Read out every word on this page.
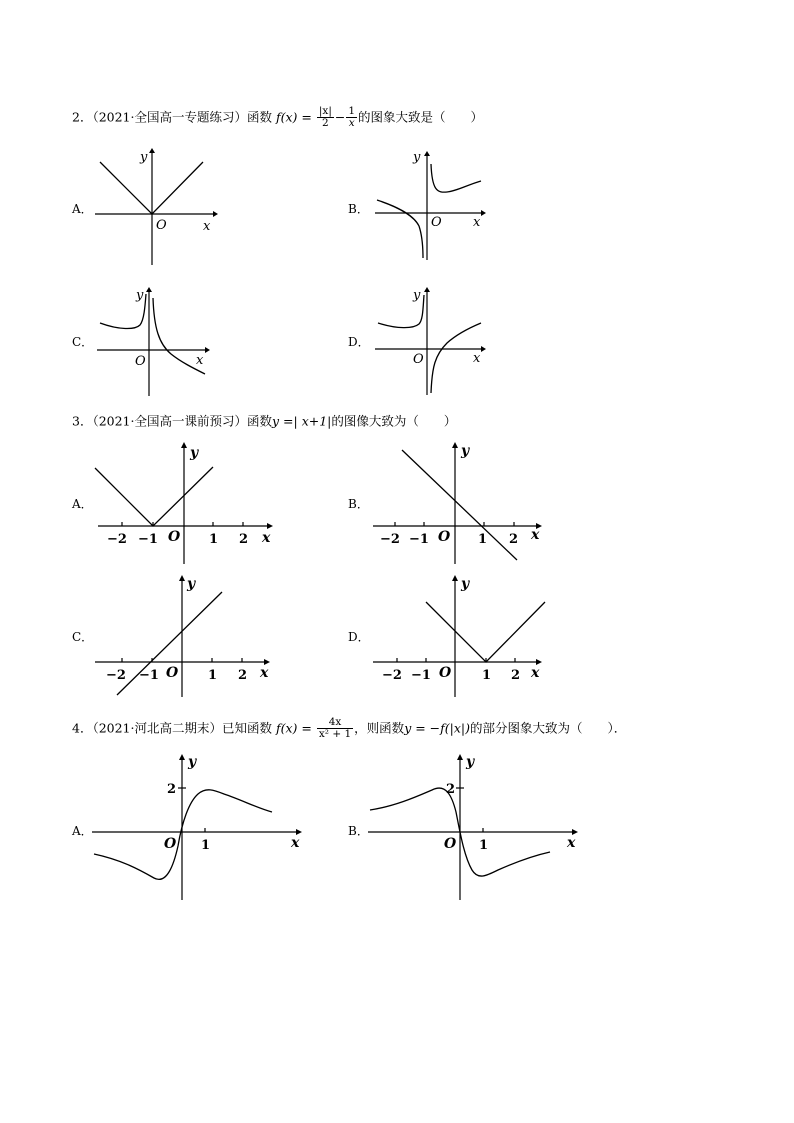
2．（2021·全国高一专题练习）函数 $f(x) = \frac{|x|}{2} - \frac{1}{x}$ 的图象大致是（　　）
A．
y
x
O
B．
y
x
O
C．
y
x
O
D．
y
x
O
3．（2021·全国高一课前预习）函数y =| x+1|的图像大致为（　　）
A．
y
x
O
−2 −1	1 2
B．
y
x
O
−2 −1	1 2
C．
y
x
O
−2 −1	1 2
D．
y
x
O
−2 −1	1 2
4．（2021·河北高二期末）已知函数 $f(x) = \frac{4x}{\text{x² + 1}}$ ，则函数y = −f(|x|)的部分图象大致为（　　）．
A．
y
x
O
2
1
B．
y
x
O
2
1
